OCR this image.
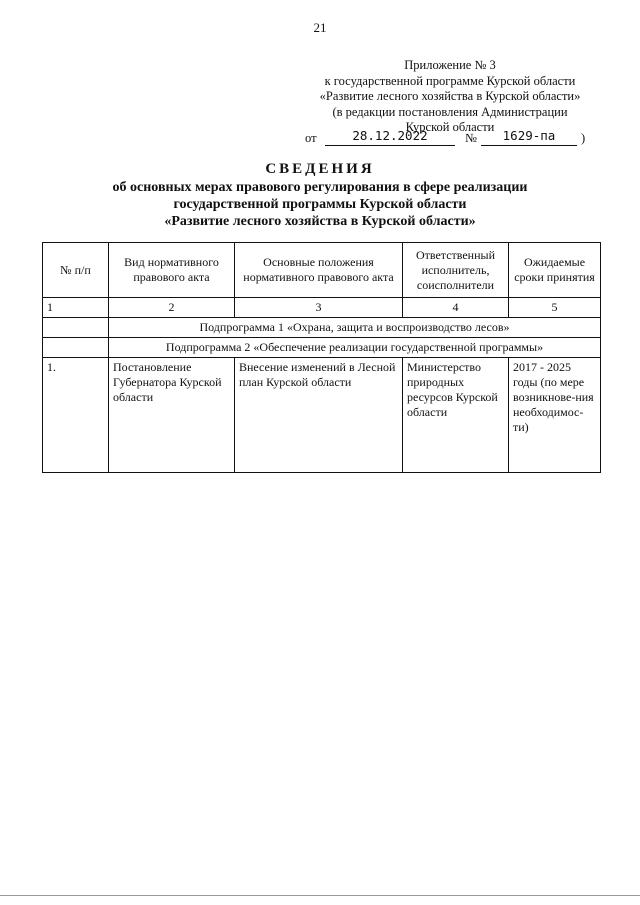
21
Приложение № 3
к государственной программе Курской области
«Развитие лесного хозяйства в Курской области»
(в редакции постановления Администрации
Курской области
от	28.12.2022	№	1629-па	)
СВЕДЕНИЯ
об основных мерах правового регулирования в сфере реализации
государственной программы Курской области
«Развитие лесного хозяйства в Курской области»
№ п/п	Вид нормативного правового акта	Основные положения нормативного правового акта	Ответственный исполнитель, соисполнители	Ожидаемые сроки принятия
1	2	3	4	5
	Подпрограмма 1 «Охрана, защита и воспроизводство лесов»			
	Подпрограмма 2 «Обеспечение реализации государственной программы»			
1.	Постановление Губернатора Курской области	Внесение изменений в Лесной план Курской области	Министерство природных ресурсов Курской области	2017 - 2025 годы (по мере возникнове-ния необходимос-ти)
